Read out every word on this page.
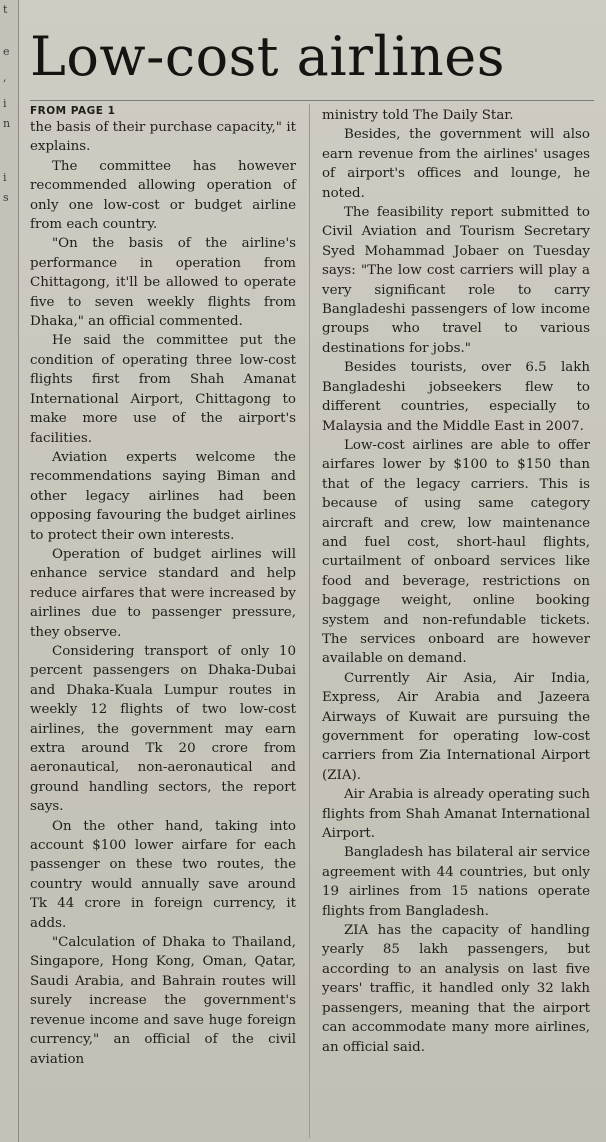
t
e
,
i
n
i
s
Low-cost airlines
FROM PAGE 1

the basis of their purchase capacity," it explains.

The committee has however recommended allowing operation of only one low-cost or budget airline from each country.

"On the basis of the airline's performance in operation from Chittagong, it'll be allowed to operate five to seven weekly flights from Dhaka," an official commented.

He said the committee put the condition of operating three low-cost flights first from Shah Amanat International Airport, Chittagong to make more use of the airport's facilities.

Aviation experts welcome the recommendations saying Biman and other legacy airlines had been opposing favouring the budget airlines to protect their own interests.

Operation of budget airlines will enhance service standard and help reduce airfares that were increased by airlines due to passenger pressure, they observe.

Considering transport of only 10 percent passengers on Dhaka-Dubai and Dhaka-Kuala Lumpur routes in weekly 12 flights of two low-cost airlines, the government may earn extra around Tk 20 crore from aeronautical, non-aeronautical and ground handling sectors, the report says.

On the other hand, taking into account $100 lower airfare for each passenger on these two routes, the country would annually save around Tk 44 crore in foreign currency, it adds.

"Calculation of Dhaka to Thailand, Singapore, Hong Kong, Oman, Qatar, Saudi Arabia, and Bahrain routes will surely increase the government's revenue income and save huge foreign currency," an official of the civil aviation

ministry told The Daily Star.

Besides, the government will also earn revenue from the airlines' usages of airport's offices and lounge, he noted.

The feasibility report submitted to Civil Aviation and Tourism Secretary Syed Mohammad Jobaer on Tuesday says: "The low cost carriers will play a very significant role to carry Bangladeshi passengers of low income groups who travel to various destinations for jobs."

Besides tourists, over 6.5 lakh Bangladeshi jobseekers flew to different countries, especially to Malaysia and the Middle East in 2007.

Low-cost airlines are able to offer airfares lower by $100 to $150 than that of the legacy carriers. This is because of using same category aircraft and crew, low maintenance and fuel cost, short-haul flights, curtailment of onboard services like food and beverage, restrictions on baggage weight, online booking system and non-refundable tickets. The services onboard are however available on demand.

Currently Air Asia, Air India, Express, Air Arabia and Jazeera Airways of Kuwait are pursuing the government for operating low-cost carriers from Zia International Airport (ZIA).

Air Arabia is already operating such flights from Shah Amanat International Airport.

Bangladesh has bilateral air service agreement with 44 countries, but only 19 airlines from 15 nations operate flights from Bangladesh.

ZIA has the capacity of handling yearly 85 lakh passengers, but according to an analysis on last five years' traffic, it handled only 32 lakh passengers, meaning that the airport can accommodate many more airlines, an official said.
